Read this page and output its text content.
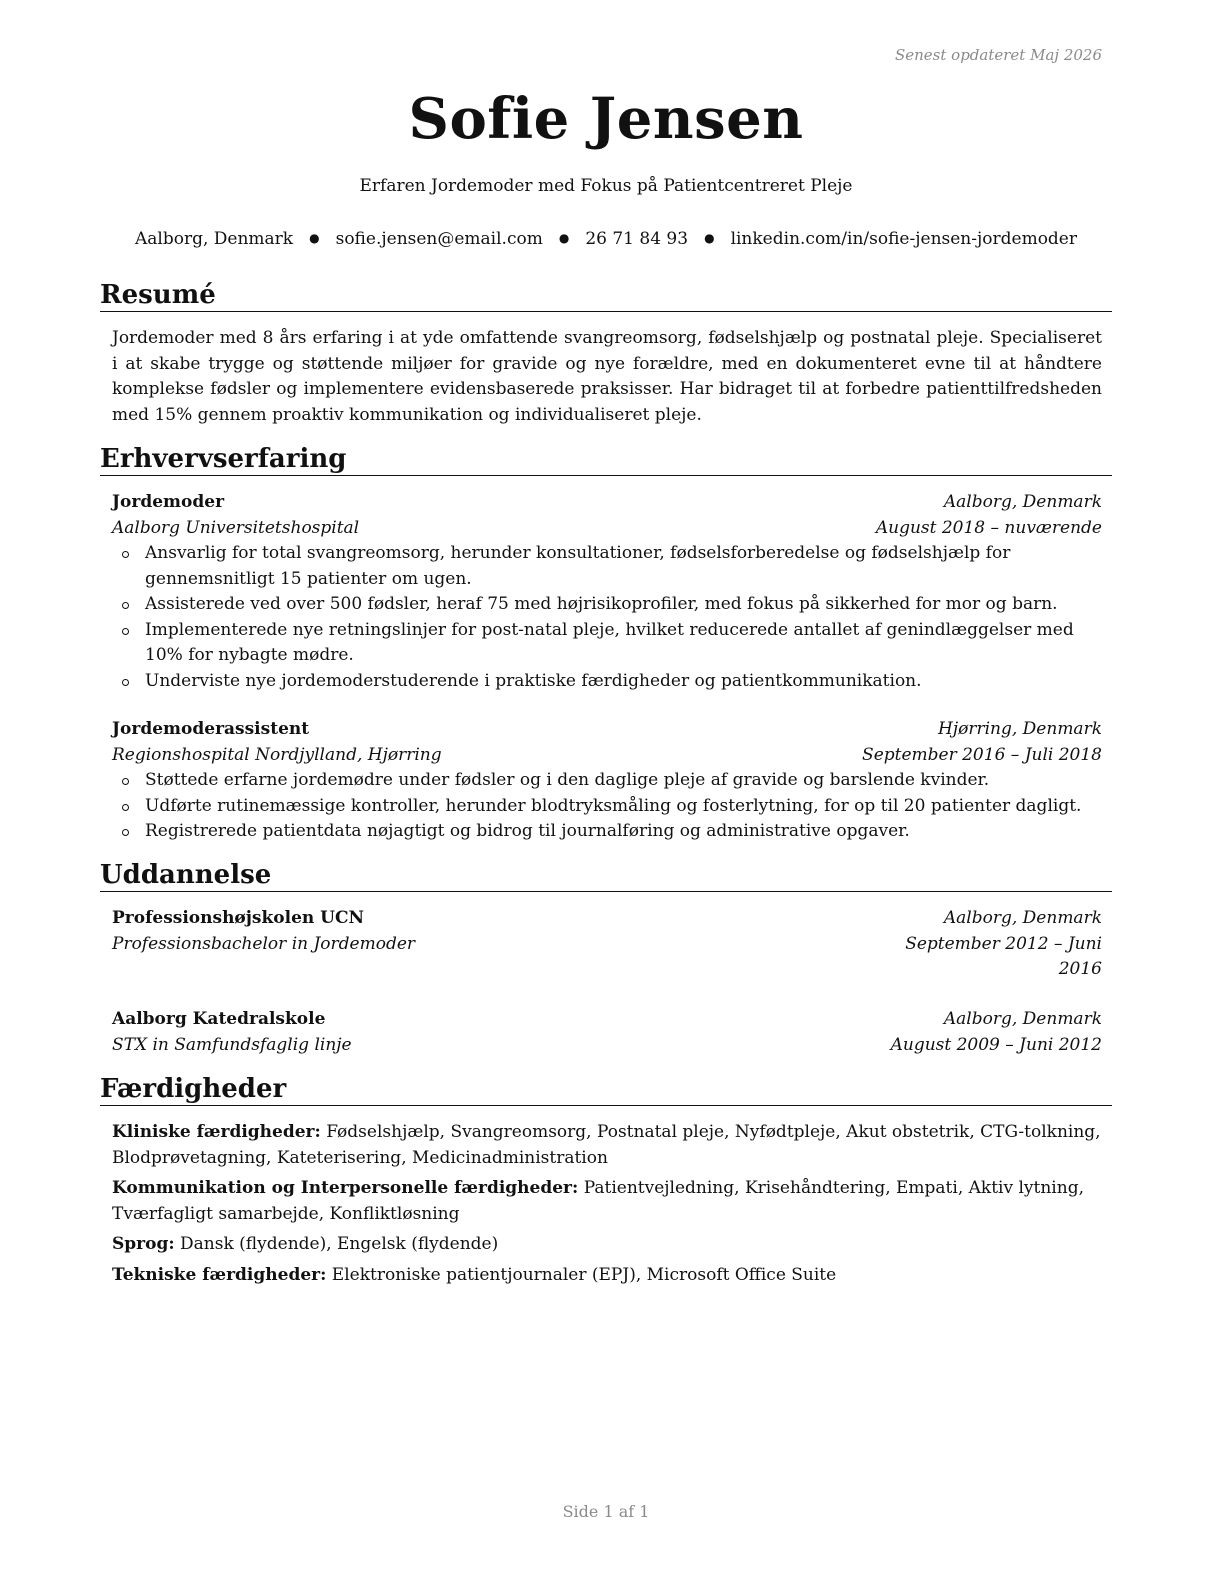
Senest opdateret Maj 2026
Sofie Jensen
Erfaren Jordemoder med Fokus på Patientcentreret Pleje
Aalborg, Denmark ● sofie.jensen@email.com ● 26 71 84 93 ● linkedin.com/in/sofie-jensen-jordemoder
Resumé
Jordemoder med 8 års erfaring i at yde omfattende svangreomsorg, fødselshjælp og postnatal pleje. Specialiseret i at skabe trygge og støttende miljøer for gravide og nye forældre, med en dokumenteret evne til at håndtere komplekse fødsler og implementere evidensbaserede praksisser. Har bidraget til at forbedre patienttilfredsheden med 15% gennem proaktiv kommunikation og individualiseret pleje.
Erhvervserfaring
Jordemoder	Aalborg, Denmark
Aalborg Universitetshospital	August 2018 – nuværende
Ansvarlig for total svangreomsorg, herunder konsultationer, fødselsforberedelse og fødselshjælp for gennemsnitligt 15 patienter om ugen.
Assisterede ved over 500 fødsler, heraf 75 med højrisikoprofiler, med fokus på sikkerhed for mor og barn.
Implementerede nye retningslinjer for post-natal pleje, hvilket reducerede antallet af genindlæggelser med 10% for nybagte mødre.
Underviste nye jordemoderstuderende i praktiske færdigheder og patientkommunikation.
Jordemoderassistent	Hjørring, Denmark
Regionshospital Nordjylland, Hjørring	September 2016 – Juli 2018
Støttede erfarne jordemødre under fødsler og i den daglige pleje af gravide og barslende kvinder.
Udførte rutinemæssige kontroller, herunder blodtryksmåling og fosterlytning, for op til 20 patienter dagligt.
Registrerede patientdata nøjagtigt og bidrog til journalføring og administrative opgaver.
Uddannelse
Professionshøjskolen UCN	Aalborg, Denmark
Professionsbachelor in Jordemoder	September 2012 – Juni 2016
Aalborg Katedralskole	Aalborg, Denmark
STX in Samfundsfaglig linje	August 2009 – Juni 2012
Færdigheder
Kliniske færdigheder: Fødselshjælp, Svangreomsorg, Postnatal pleje, Nyfødtpleje, Akut obstetrik, CTG-tolkning, Blodprøvetagning, Kateterisering, Medicinadministration
Kommunikation og Interpersonelle færdigheder: Patientvejledning, Krisehåndtering, Empati, Aktiv lytning, Tværfagligt samarbejde, Konfliktløsning
Sprog: Dansk (flydende), Engelsk (flydende)
Tekniske færdigheder: Elektroniske patientjournaler (EPJ), Microsoft Office Suite
Side 1 af 1
